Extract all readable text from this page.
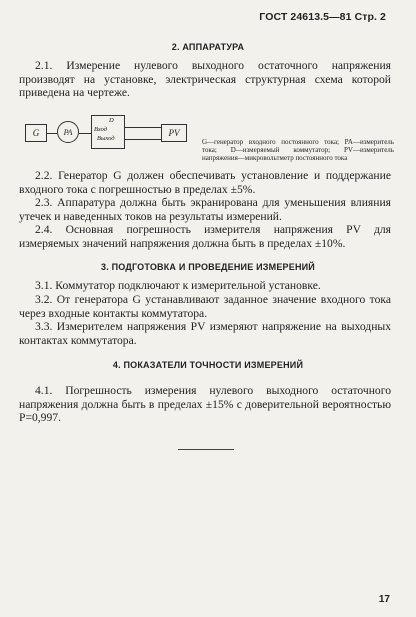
ГОСТ 24613.5—81 Стр. 2
2. АППАРАТУРА
2.1. Измерение нулевого выходного остаточного напряжения производят на установке, электрическая структурная схема которой приведена на чертеже.
G	PA
D
Вход
Выход
PV
G—генератор входного постоянного тока; PA—измеритель тока; D—измеряемый коммутатор; PV—измеритель напряжения—микровольтметр постоянного тока
2.2. Генератор G должен обеспечивать установление и поддержание входного тока с погрешностью в пределах ±5%.
2.3. Аппаратура должна быть экранирована для уменьшения влияния утечек и наведенных токов на результаты измерений.
2.4. Основная погрешность измерителя напряжения PV для измеряемых значений напряжения должна быть в пределах ±10%.
3. ПОДГОТОВКА И ПРОВЕДЕНИЕ ИЗМЕРЕНИЙ
3.1. Коммутатор подключают к измерительной установке.
3.2. От генератора G устанавливают заданное значение входного тока через входные контакты коммутатора.
3.3. Измерителем напряжения PV измеряют напряжение на выходных контактах коммутатора.
4. ПОКАЗАТЕЛИ ТОЧНОСТИ ИЗМЕРЕНИЙ
4.1. Погрешность измерения нулевого выходного остаточного напряжения должна быть в пределах ±15% с доверительной вероятностью P=0,997.
17
